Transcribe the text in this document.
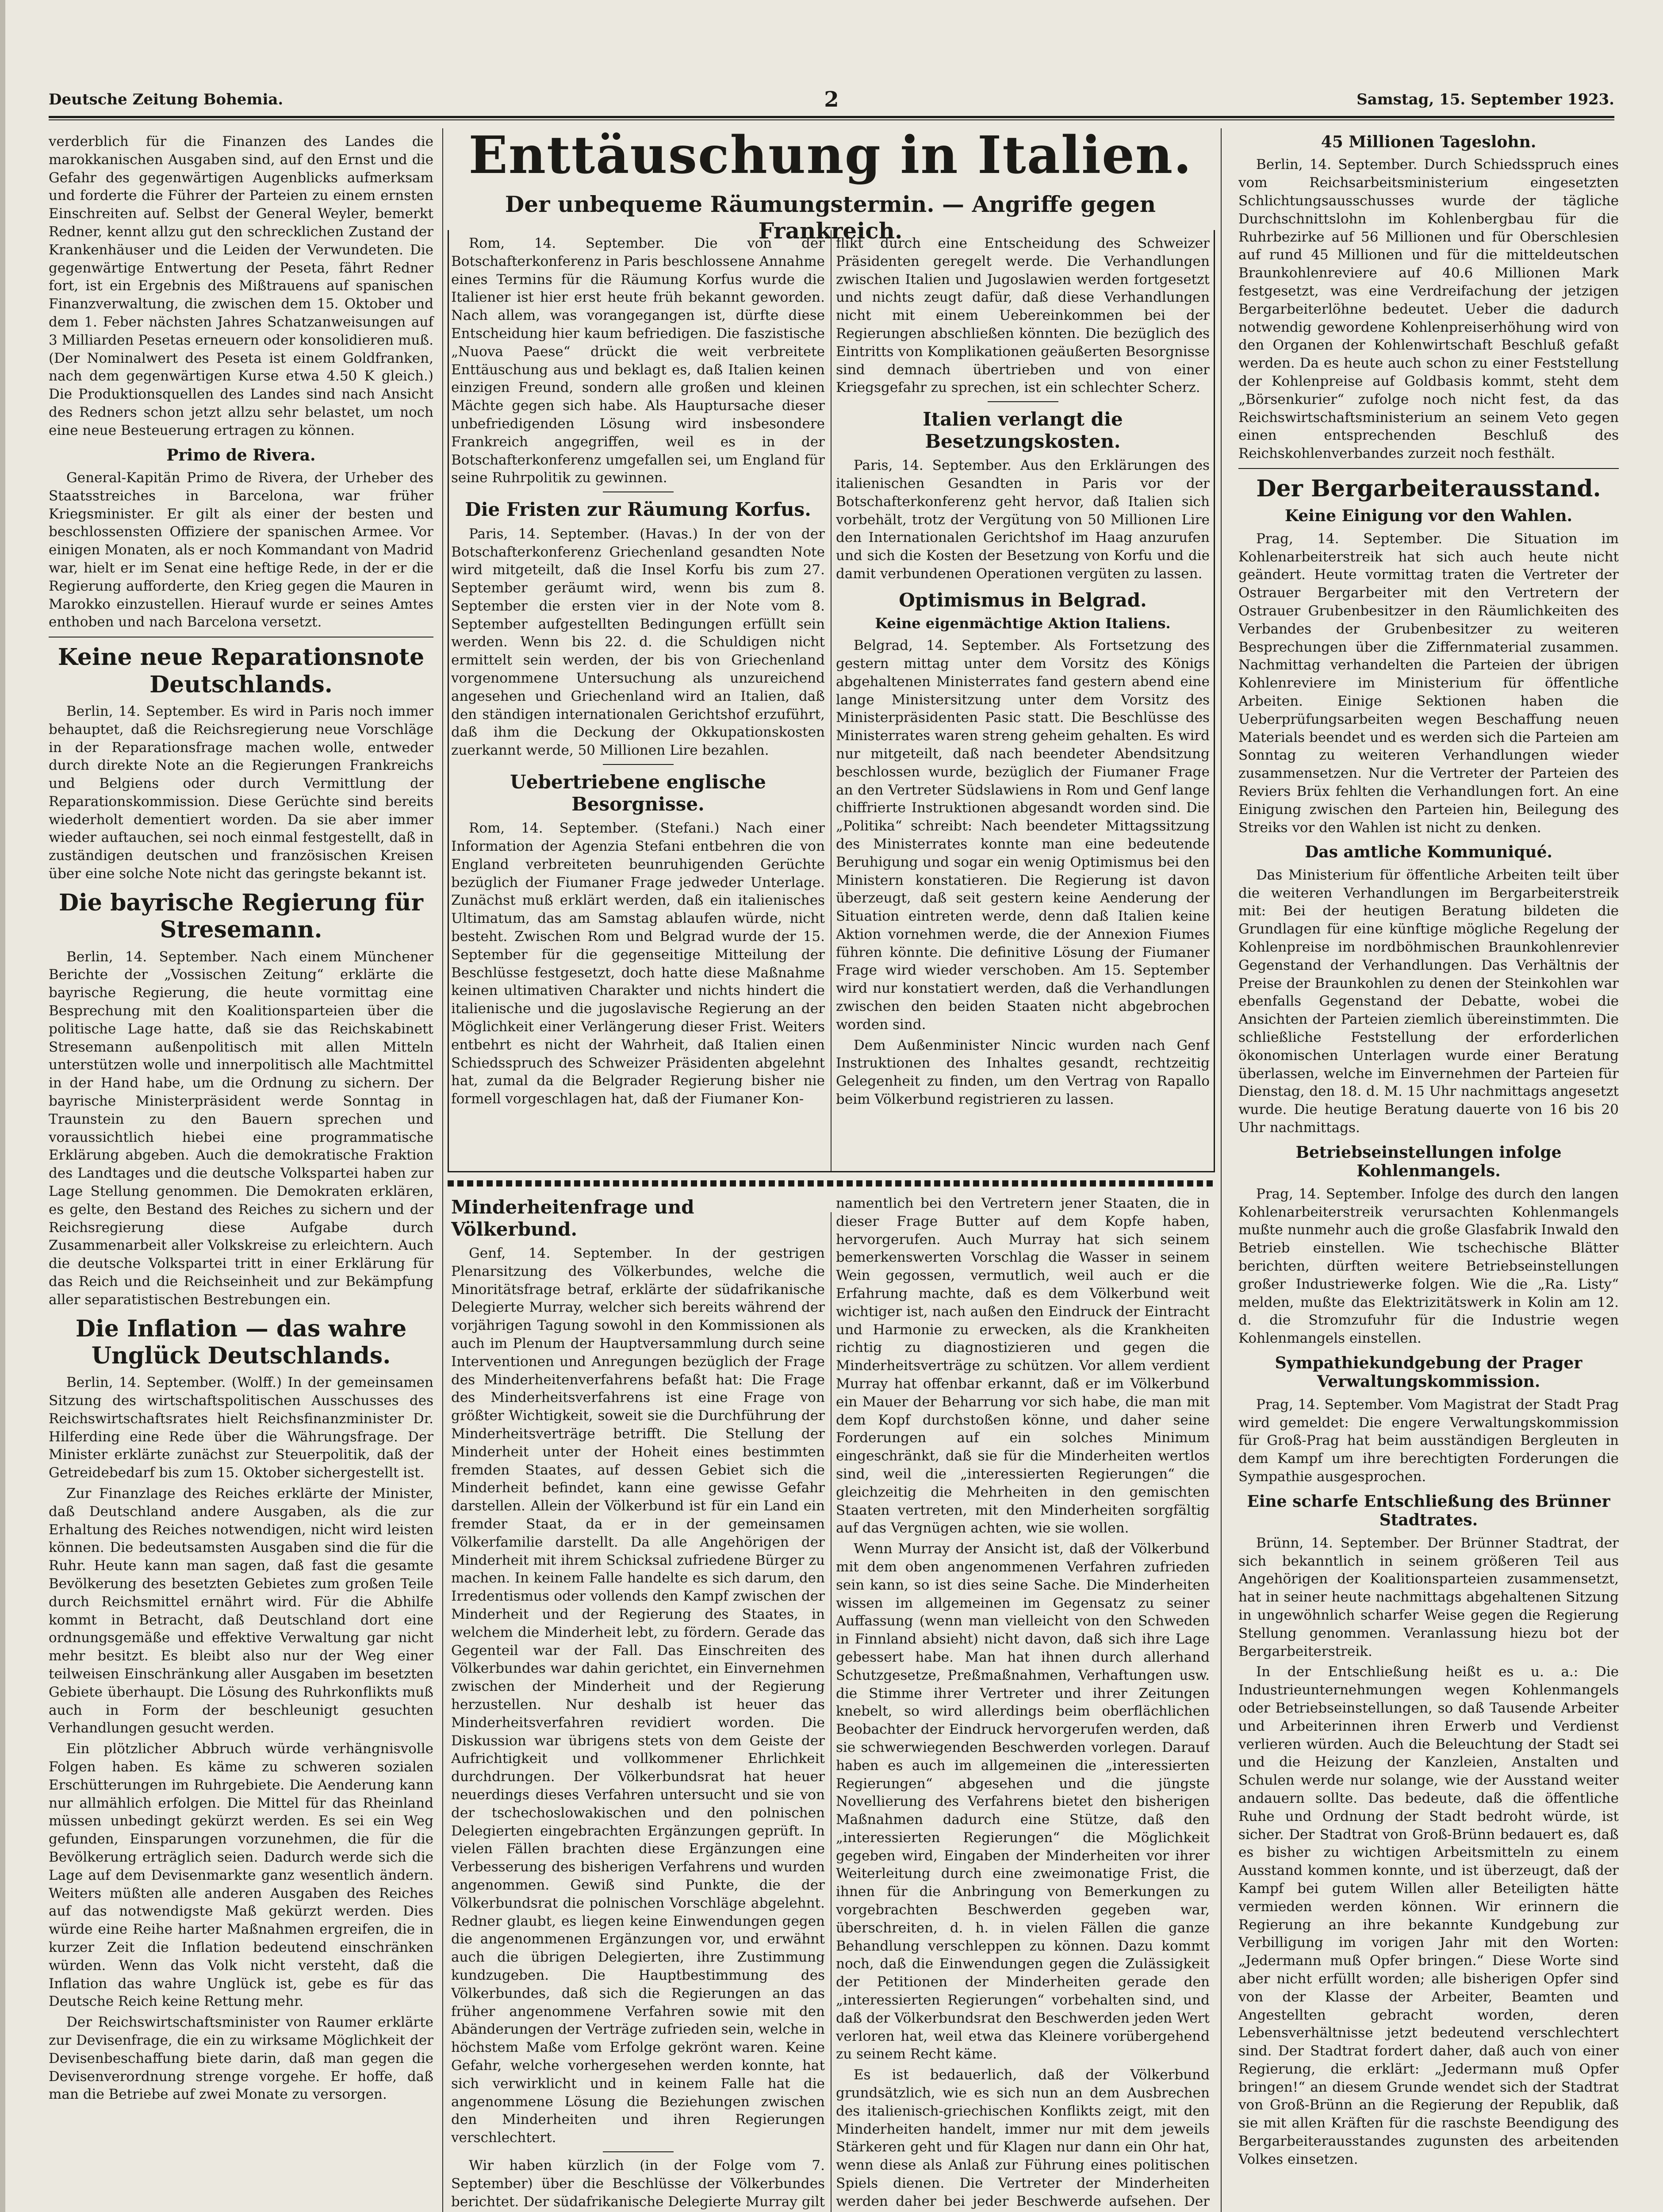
Deutsche Zeitung Bohemia.	2	Samstag, 15. September 1923.

verderblich für die Finanzen des Landes die marokkanischen Ausgaben sind, auf den Ernst und die Gefahr des gegenwärtigen Augenblicks aufmerksam und forderte die Führer der Parteien zu einem ernsten Einschreiten auf. Selbst der General Weyler, bemerkt Redner, kennt allzu gut den schrecklichen Zustand der Krankenhäuser und die Leiden der Verwundeten. Die gegenwärtige Entwertung der Peseta, fährt Redner fort, ist ein Ergebnis des Mißtrauens auf spanischen Finanzverwaltung, die zwischen dem 15. Oktober und dem 1. Feber nächsten Jahres Schatzanweisungen auf 3 Milliarden Pesetas erneuern oder konsolidieren muß. (Der Nominalwert des Peseta ist einem Goldfranken, nach dem gegenwärtigen Kurse etwa 4.50 K gleich.) Die Produktionsquellen des Landes sind nach Ansicht des Redners schon jetzt allzu sehr belastet, um noch eine neue Besteuerung ertragen zu können.

Primo de Rivera.

General-Kapitän Primo de Rivera, der Urheber des Staatsstreiches in Barcelona, war früher Kriegsminister. Er gilt als einer der besten und beschlossensten Offiziere der spanischen Armee. Vor einigen Monaten, als er noch Kommandant von Madrid war, hielt er im Senat eine heftige Rede, in der er die Regierung aufforderte, den Krieg gegen die Mauren in Marokko einzustellen. Hierauf wurde er seines Amtes enthoben und nach Barcelona versetzt.

Keine neue Reparationsnote Deutschlands.

Berlin, 14. September. Es wird in Paris noch immer behauptet, daß die Reichsregierung neue Vorschläge in der Reparationsfrage machen wolle, entweder durch direkte Note an die Regierungen Frankreichs und Belgiens oder durch Vermittlung der Reparationskommission. Diese Gerüchte sind bereits wiederholt dementiert worden. Da sie aber immer wieder auftauchen, sei noch einmal festgestellt, daß in zuständigen deutschen und französischen Kreisen über eine solche Note nicht das geringste bekannt ist.

Die bayrische Regierung für Stresemann.

Berlin, 14. September. Nach einem Münchener Berichte der „Vossischen Zeitung“ erklärte die bayrische Regierung, die heute vormittag eine Besprechung mit den Koalitionsparteien über die politische Lage hatte, daß sie das Reichskabinett Stresemann außenpolitisch mit allen Mitteln unterstützen wolle und innerpolitisch alle Machtmittel in der Hand habe, um die Ordnung zu sichern. Der bayrische Ministerpräsident werde Sonntag in Traunstein zu den Bauern sprechen und voraussichtlich hiebei eine programmatische Erklärung abgeben. Auch die demokratische Fraktion des Landtages und die deutsche Volkspartei haben zur Lage Stellung genommen. Die Demokraten erklären, es gelte, den Bestand des Reiches zu sichern und der Reichsregierung diese Aufgabe durch Zusammenarbeit aller Volkskreise zu erleichtern. Auch die deutsche Volkspartei tritt in einer Erklärung für das Reich und die Reichseinheit und zur Bekämpfung aller separatistischen Bestrebungen ein.

Die Inflation — das wahre Unglück Deutschlands.

Berlin, 14. September. (Wolff.) In der gemeinsamen Sitzung des wirtschaftspolitischen Ausschusses des Reichswirtschaftsrates hielt Reichsfinanzminister Dr. Hilferding eine Rede über die Währungsfrage. Der Minister erklärte zunächst zur Steuerpolitik, daß der Getreidebedarf bis zum 15. Oktober sichergestellt ist.

Zur Finanzlage des Reiches erklärte der Minister, daß Deutschland andere Ausgaben, als die zur Erhaltung des Reiches notwendigen, nicht wird leisten können. Die bedeutsamsten Ausgaben sind die für die Ruhr. Heute kann man sagen, daß fast die gesamte Bevölkerung des besetzten Gebietes zum großen Teile durch Reichsmittel ernährt wird. Für die Abhilfe kommt in Betracht, daß Deutschland dort eine ordnungsgemäße und effektive Verwaltung gar nicht mehr besitzt. Es bleibt also nur der Weg einer teilweisen Einschränkung aller Ausgaben im besetzten Gebiete überhaupt. Die Lösung des Ruhrkonflikts muß auch in Form der beschleunigt gesuchten Verhandlungen gesucht werden.

Ein plötzlicher Abbruch würde verhängnisvolle Folgen haben. Es käme zu schweren sozialen Erschütterungen im Ruhrgebiete. Die Aenderung kann nur allmählich erfolgen. Die Mittel für das Rheinland müssen unbedingt gekürzt werden. Es sei ein Weg gefunden, Einsparungen vorzunehmen, die für die Bevölkerung erträglich seien. Dadurch werde sich die Lage auf dem Devisenmarkte ganz wesentlich ändern. Weiters müßten alle anderen Ausgaben des Reiches auf das notwendigste Maß gekürzt werden. Dies würde eine Reihe harter Maßnahmen ergreifen, die in kurzer Zeit die Inflation bedeutend einschränken würden. Wenn das Volk nicht versteht, daß die Inflation das wahre Unglück ist, gebe es für das Deutsche Reich keine Rettung mehr.

Der Reichswirtschaftsminister von Raumer erklärte zur Devisenfrage, die ein zu wirksame Möglichkeit der Devisenbeschaffung biete darin, daß man gegen die Devisenverordnung strenge vorgehe. Er hoffe, daß man die Betriebe auf zwei Monate zu versorgen.

Enttäuschung in Italien.
Der unbequeme Räumungstermin. — Angriffe gegen Frankreich.

Rom, 14. September. Die von der Botschafterkonferenz in Paris beschlossene Annahme eines Termins für die Räumung Korfus wurde die Italiener ist hier erst heute früh bekannt geworden. Nach allem, was vorangegangen ist, dürfte diese Entscheidung hier kaum befriedigen. Die faszistische „Nuova Paese“ drückt die weit verbreitete Enttäuschung aus und beklagt es, daß Italien keinen einzigen Freund, sondern alle großen und kleinen Mächte gegen sich habe. Als Hauptursache dieser unbefriedigenden Lösung wird insbesondere Frankreich angegriffen, weil es in der Botschafterkonferenz umgefallen sei, um England für seine Ruhrpolitik zu gewinnen.

Die Fristen zur Räumung Korfus.

Paris, 14. September. (Havas.) In der von der Botschafterkonferenz Griechenland gesandten Note wird mitgeteilt, daß die Insel Korfu bis zum 27. September geräumt wird, wenn bis zum 8. September die ersten vier in der Note vom 8. September aufgestellten Bedingungen erfüllt sein werden. Wenn bis 22. d. die Schuldigen nicht ermittelt sein werden, der bis von Griechenland vorgenommene Untersuchung als unzureichend angesehen und Griechenland wird an Italien, daß den ständigen internationalen Gerichtshof erzuführt, daß ihm die Deckung der Okkupationskosten zuerkannt werde, 50 Millionen Lire bezahlen.

Uebertriebene englische Besorgnisse.

Rom, 14. September. (Stefani.) Nach einer Information der Agenzia Stefani entbehren die von England verbreiteten beunruhigenden Gerüchte bezüglich der Fiumaner Frage jedweder Unterlage. Zunächst muß erklärt werden, daß ein italienisches Ultimatum, das am Samstag ablaufen würde, nicht besteht. Zwischen Rom und Belgrad wurde der 15. September für die gegenseitige Mitteilung der Beschlüsse festgesetzt, doch hatte diese Maßnahme keinen ultimativen Charakter und nichts hindert die italienische und die jugoslavische Regierung an der Möglichkeit einer Verlängerung dieser Frist. Weiters entbehrt es nicht der Wahrheit, daß Italien einen Schiedsspruch des Schweizer Präsidenten abgelehnt hat, zumal da die Belgrader Regierung bisher nie formell vorgeschlagen hat, daß der Fiumaner Kon-

flikt durch eine Entscheidung des Schweizer Präsidenten geregelt werde. Die Verhandlungen zwischen Italien und Jugoslawien werden fortgesetzt und nichts zeugt dafür, daß diese Verhandlungen nicht mit einem Uebereinkommen bei der Regierungen abschließen könnten. Die bezüglich des Eintritts von Komplikationen geäußerten Besorgnisse sind demnach übertrieben und von einer Kriegsgefahr zu sprechen, ist ein schlechter Scherz.

Italien verlangt die Besetzungskosten.

Paris, 14. September. Aus den Erklärungen des italienischen Gesandten in Paris vor der Botschafterkonferenz geht hervor, daß Italien sich vorbehält, trotz der Vergütung von 50 Millionen Lire den Internationalen Gerichtshof im Haag anzurufen und sich die Kosten der Besetzung von Korfu und die damit verbundenen Operationen vergüten zu lassen.

Optimismus in Belgrad.
Keine eigenmächtige Aktion Italiens.

Belgrad, 14. September. Als Fortsetzung des gestern mittag unter dem Vorsitz des Königs abgehaltenen Ministerrates fand gestern abend eine lange Ministersitzung unter dem Vorsitz des Ministerpräsidenten Pasic statt. Die Beschlüsse des Ministerrates waren streng geheim gehalten. Es wird nur mitgeteilt, daß nach beendeter Abendsitzung beschlossen wurde, bezüglich der Fiumaner Frage an den Vertreter Südslawiens in Rom und Genf lange chiffrierte Instruktionen abgesandt worden sind. Die „Politika“ schreibt: Nach beendeter Mittagssitzung des Ministerrates konnte man eine bedeutende Beruhigung und sogar ein wenig Optimismus bei den Ministern konstatieren. Die Regierung ist davon überzeugt, daß seit gestern keine Aenderung der Situation eintreten werde, denn daß Italien keine Aktion vornehmen werde, die der Annexion Fiumes führen könnte. Die definitive Lösung der Fiumaner Frage wird wieder verschoben. Am 15. September wird nur konstatiert werden, daß die Verhandlungen zwischen den beiden Staaten nicht abgebrochen worden sind.

Dem Außenminister Nincic wurden nach Genf Instruktionen des Inhaltes gesandt, rechtzeitig Gelegenheit zu finden, um den Vertrag von Rapallo beim Völkerbund registrieren zu lassen.

Minderheitenfrage und Völkerbund.

Genf, 14. September. In der gestrigen Plenarsitzung des Völkerbundes, welche die Minoritätsfrage betraf, erklärte der südafrikanische Delegierte Murray, welcher sich bereits während der vorjährigen Tagung sowohl in den Kommissionen als auch im Plenum der Hauptversammlung durch seine Interventionen und Anregungen bezüglich der Frage des Minderheitenverfahrens befaßt hat: Die Frage des Minderheitsverfahrens ist eine Frage von größter Wichtigkeit, soweit sie die Durchführung der Minderheitsverträge betrifft. Die Stellung der Minderheit unter der Hoheit eines bestimmten fremden Staates, auf dessen Gebiet sich die Minderheit befindet, kann eine gewisse Gefahr darstellen. Allein der Völkerbund ist für ein Land ein fremder Staat, da er in der gemeinsamen Völkerfamilie darstellt. Da alle Angehörigen der Minderheit mit ihrem Schicksal zufriedene Bürger zu machen. In keinem Falle handelte es sich darum, den Irredentismus oder vollends den Kampf zwischen der Minderheit und der Regierung des Staates, in welchem die Minderheit lebt, zu fördern. Gerade das Gegenteil war der Fall. Das Einschreiten des Völkerbundes war dahin gerichtet, ein Einvernehmen zwischen der Minderheit und der Regierung herzustellen. Nur deshalb ist heuer das Minderheitsverfahren revidiert worden. Die Diskussion war übrigens stets von dem Geiste der Aufrichtigkeit und vollkommener Ehrlichkeit durchdrungen. Der Völkerbundsrat hat heuer neuerdings dieses Verfahren untersucht und sie von der tschechoslowakischen und den polnischen Delegierten eingebrachten Ergänzungen geprüft. In vielen Fällen brachten diese Ergänzungen eine Verbesserung des bisherigen Verfahrens und wurden angenommen. Gewiß sind Punkte, die der Völkerbundsrat die polnischen Vorschläge abgelehnt. Redner glaubt, es liegen keine Einwendungen gegen die angenommenen Ergänzungen vor, und erwähnt auch die übrigen Delegierten, ihre Zustimmung kundzugeben. Die Hauptbestimmung des Völkerbundes, daß sich die Regierungen an das früher angenommene Verfahren sowie mit den Abänderungen der Verträge zufrieden sein, welche in höchstem Maße vom Erfolge gekrönt waren. Keine Gefahr, welche vorhergesehen werden konnte, hat sich verwirklicht und in keinem Falle hat die angenommene Lösung die Beziehungen zwischen den Minderheiten und ihren Regierungen verschlechtert.

Wir haben kürzlich (in der Folge vom 7. September) über die Beschlüsse der Völkerbundes berichtet. Der südafrikanische Delegierte Murray gilt

namentlich bei den Vertretern jener Staaten, die in dieser Frage Butter auf dem Kopfe haben, hervorgerufen. Auch Murray hat sich seinem bemerkenswerten Vorschlag die Wasser in seinem Wein gegossen, vermutlich, weil auch er die Erfahrung machte, daß es dem Völkerbund weit wichtiger ist, nach außen den Eindruck der Eintracht und Harmonie zu erwecken, als die Krankheiten richtig zu diagnostizieren und gegen die Minderheitsverträge zu schützen. Vor allem verdient Murray hat offenbar erkannt, daß er im Völkerbund ein Mauer der Beharrung vor sich habe, die man mit dem Kopf durchstoßen könne, und daher seine Forderungen auf ein solches Minimum eingeschränkt, daß sie für die Minderheiten wertlos sind, weil die „interessierten Regierungen“ die gleichzeitig die Mehrheiten in den gemischten Staaten vertreten, mit den Minderheiten sorgfältig auf das Vergnügen achten, wie sie wollen.

Wenn Murray der Ansicht ist, daß der Völkerbund mit dem oben angenommenen Verfahren zufrieden sein kann, so ist dies seine Sache. Die Minderheiten wissen im allgemeinen im Gegensatz zu seiner Auffassung (wenn man vielleicht von den Schweden in Finnland absieht) nicht davon, daß sich ihre Lage gebessert habe. Man hat ihnen durch allerhand Schutzgesetze, Preßmaßnahmen, Verhaftungen usw. die Stimme ihrer Vertreter und ihrer Zeitungen knebelt, so wird allerdings beim oberflächlichen Beobachter der Eindruck hervorgerufen werden, daß sie schwerwiegenden Beschwerden vorlegen. Darauf haben es auch im allgemeinen die „interessierten Regierungen“ abgesehen und die jüngste Novellierung des Verfahrens bietet den bisherigen Maßnahmen dadurch eine Stütze, daß den „interessierten Regierungen“ die Möglichkeit gegeben wird, Eingaben der Minderheiten vor ihrer Weiterleitung durch eine zweimonatige Frist, die ihnen für die Anbringung von Bemerkungen zu vorgebrachten Beschwerden gegeben war, überschreiten, d. h. in vielen Fällen die ganze Behandlung verschleppen zu können. Dazu kommt noch, daß die Einwendungen gegen die Zulässigkeit der Petitionen der Minderheiten gerade den „interessierten Regierungen“ vorbehalten sind, und daß der Völkerbundsrat den Beschwerden jeden Wert verloren hat, weil etwa das Kleinere vorübergehend zu seinem Recht käme.

Es ist bedauerlich, daß der Völkerbund grundsätzlich, wie es sich nun an dem Ausbrechen des italienisch-griechischen Konflikts zeigt, mit den Minderheiten handelt, immer nur mit dem jeweils Stärkeren geht und für Klagen nur dann ein Ohr hat, wenn diese als Anlaß zur Führung eines politischen Spiels dienen. Die Vertreter der Minderheiten werden daher bei jeder Beschwerde aufsehen. Der

45 Millionen Tageslohn.

Berlin, 14. September. Durch Schiedsspruch eines vom Reichsarbeitsministerium eingesetzten Schlichtungsausschusses wurde der tägliche Durchschnittslohn im Kohlenbergbau für die Ruhrbezirke auf 56 Millionen und für Oberschlesien auf rund 45 Millionen und für die mitteldeutschen Braunkohlenreviere auf 40.6 Millionen Mark festgesetzt, was eine Verdreifachung der jetzigen Bergarbeiterlöhne bedeutet. Ueber die dadurch notwendig gewordene Kohlenpreiserhöhung wird von den Organen der Kohlenwirtschaft Beschluß gefaßt werden. Da es heute auch schon zu einer Feststellung der Kohlenpreise auf Goldbasis kommt, steht dem „Börsenkurier“ zufolge noch nicht fest, da das Reichswirtschaftsministerium an seinem Veto gegen einen entsprechenden Beschluß des Reichskohlenverbandes zurzeit noch festhält.

Der Bergarbeiterausstand.
Keine Einigung vor den Wahlen.

Prag, 14. September. Die Situation im Kohlenarbeiterstreik hat sich auch heute nicht geändert. Heute vormittag traten die Vertreter der Ostrauer Bergarbeiter mit den Vertretern der Ostrauer Grubenbesitzer in den Räumlichkeiten des Verbandes der Grubenbesitzer zu weiteren Besprechungen über die Ziffernmaterial zusammen. Nachmittag verhandelten die Parteien der übrigen Kohlenreviere im Ministerium für öffentliche Arbeiten. Einige Sektionen haben die Ueberprüfungsarbeiten wegen Beschaffung neuen Materials beendet und es werden sich die Parteien am Sonntag zu weiteren Verhandlungen wieder zusammensetzen. Nur die Vertreter der Parteien des Reviers Brüx fehlten die Verhandlungen fort. An eine Einigung zwischen den Parteien hin, Beilegung des Streiks vor den Wahlen ist nicht zu denken.

Das amtliche Kommuniqué.

Das Ministerium für öffentliche Arbeiten teilt über die weiteren Verhandlungen im Bergarbeiterstreik mit: Bei der heutigen Beratung bildeten die Grundlagen für eine künftige mögliche Regelung der Kohlenpreise im nordböhmischen Braunkohlenrevier Gegenstand der Verhandlungen. Das Verhältnis der Preise der Braunkohlen zu denen der Steinkohlen war ebenfalls Gegenstand der Debatte, wobei die Ansichten der Parteien ziemlich übereinstimmten. Die schließliche Feststellung der erforderlichen ökonomischen Unterlagen wurde einer Beratung überlassen, welche im Einvernehmen der Parteien für Dienstag, den 18. d. M. 15 Uhr nachmittags angesetzt wurde. Die heutige Beratung dauerte von 16 bis 20 Uhr nachmittags.

Betriebseinstellungen infolge Kohlenmangels.

Prag, 14. September. Infolge des durch den langen Kohlenarbeiterstreik verursachten Kohlenmangels mußte nunmehr auch die große Glasfabrik Inwald den Betrieb einstellen. Wie tschechische Blätter berichten, dürften weitere Betriebseinstellungen großer Industriewerke folgen. Wie die „Ra. Listy“ melden, mußte das Elektrizitätswerk in Kolin am 12. d. die Stromzufuhr für die Industrie wegen Kohlenmangels einstellen.

Sympathiekundgebung der Prager Verwaltungskommission.

Prag, 14. September. Vom Magistrat der Stadt Prag wird gemeldet: Die engere Verwaltungskommission für Groß-Prag hat beim ausständigen Bergleuten in dem Kampf um ihre berechtigten Forderungen die Sympathie ausgesprochen.

Eine scharfe Entschließung des Brünner Stadtrates.

Brünn, 14. September. Der Brünner Stadtrat, der sich bekanntlich in seinem größeren Teil aus Angehörigen der Koalitionsparteien zusammensetzt, hat in seiner heute nachmittags abgehaltenen Sitzung in ungewöhnlich scharfer Weise gegen die Regierung Stellung genommen. Veranlassung hiezu bot der Bergarbeiterstreik.

In der Entschließung heißt es u. a.: Die Industrieunternehmungen wegen Kohlenmangels oder Betriebseinstellungen, so daß Tausende Arbeiter und Arbeiterinnen ihren Erwerb und Verdienst verlieren würden. Auch die Beleuchtung der Stadt sei und die Heizung der Kanzleien, Anstalten und Schulen werde nur solange, wie der Ausstand weiter andauern sollte. Das bedeute, daß die öffentliche Ruhe und Ordnung der Stadt bedroht würde, ist sicher. Der Stadtrat von Groß-Brünn bedauert es, daß es bisher zu wichtigen Arbeitsmitteln zu einem Ausstand kommen konnte, und ist überzeugt, daß der Kampf bei gutem Willen aller Beteiligten hätte vermieden werden können. Wir erinnern die Regierung an ihre bekannte Kundgebung zur Verbilligung im vorigen Jahr mit den Worten: „Jedermann muß Opfer bringen.“ Diese Worte sind aber nicht erfüllt worden; alle bisherigen Opfer sind von der Klasse der Arbeiter, Beamten und Angestellten gebracht worden, deren Lebensverhältnisse jetzt bedeutend verschlechtert sind. Der Stadtrat fordert daher, daß auch von einer Regierung, die erklärt: „Jedermann muß Opfer bringen!“ an diesem Grunde wendet sich der Stadtrat von Groß-Brünn an die Regierung der Republik, daß sie mit allen Kräften für die raschste Beendigung des Bergarbeiterausstandes zugunsten des arbeitenden Volkes einsetzen.
